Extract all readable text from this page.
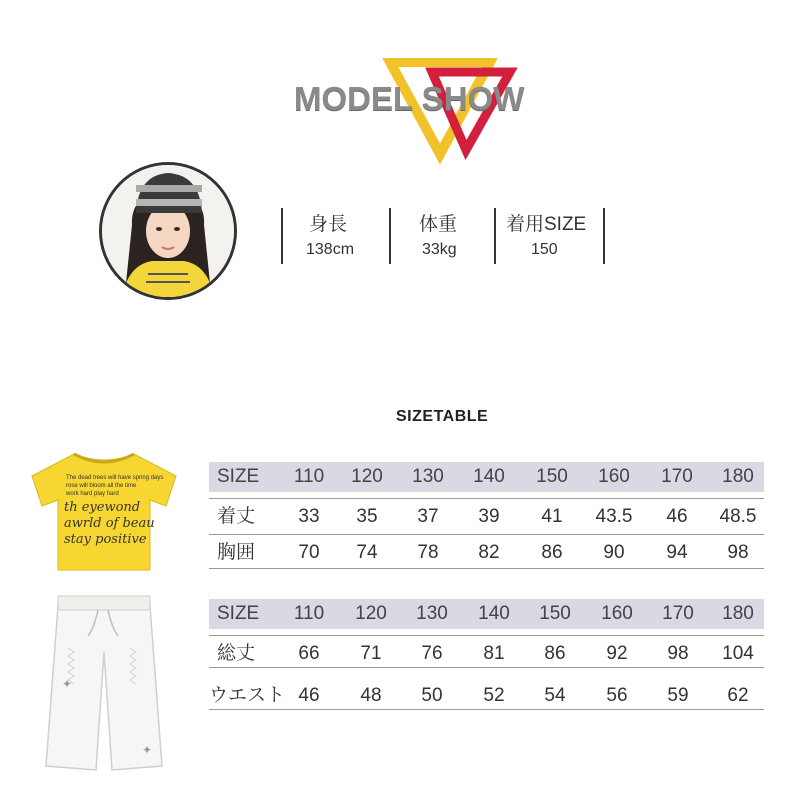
MODEL SHOW
身長
138cm
体重
33kg
着用SIZE
150
SIZETABLE
The dead trees will have spring days
rose will bloom all the time
work hard play hard
th eyewond
awrld of beau
stay positive
✦
✦
SIZE	110	120	130	140	150	160	170	180
着丈	33	35	37	39	41	43.5	46	48.5
胸囲	70	74	78	82	86	90	94	98
SIZE	110	120	130	140	150	160	170	180
総丈	66	71	76	81	86	92	98	104
ウエスト 46	48	50	52	54	56	59	62
